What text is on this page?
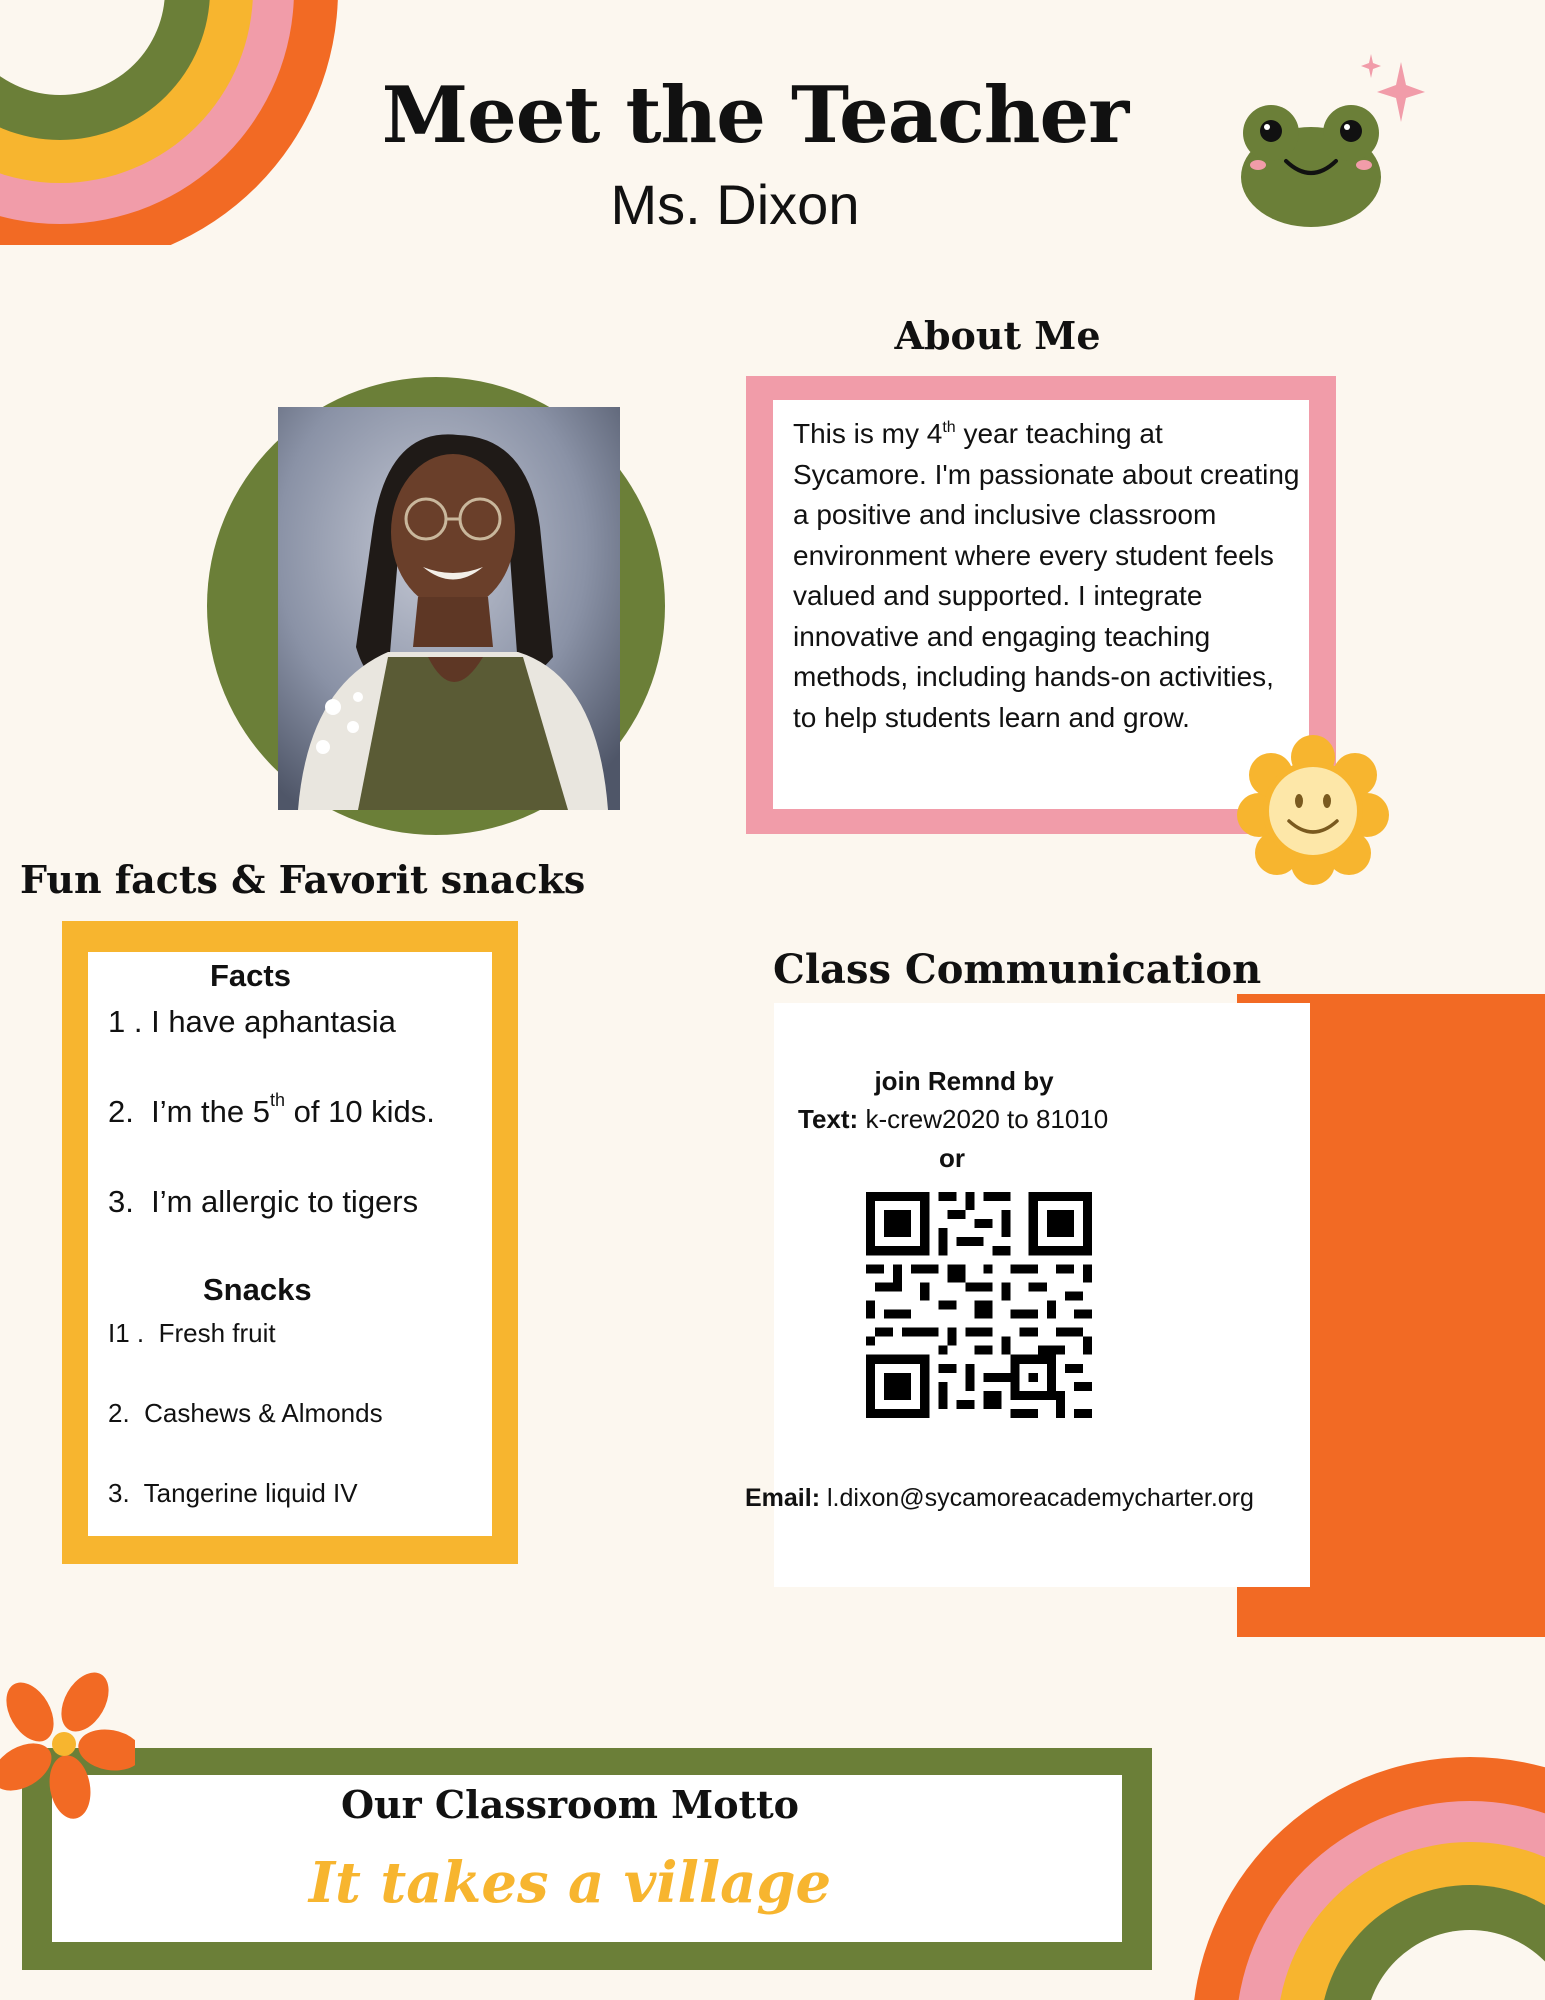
Meet the Teacher
Ms. Dixon
About Me
This is my 4th year teaching at Sycamore. I'm passionate about creating a positive and inclusive classroom environment where every student feels valued and supported. I integrate innovative and engaging teaching methods, including hands-on activities, to help students learn and grow.
Fun facts & Favorit snacks
Facts
1 . I have aphantasia
2. I’m the 5th of 10 kids.
3. I’m allergic to tigers
Snacks
I1 . Fresh fruit
2. Cashews & Almonds
3. Tangerine liquid IV
Class Communication
join Remnd by
Text: k-crew2020 to 81010
or
Email: l.dixon@sycamoreacademycharter.org
Our Classroom Motto
It takes a village
